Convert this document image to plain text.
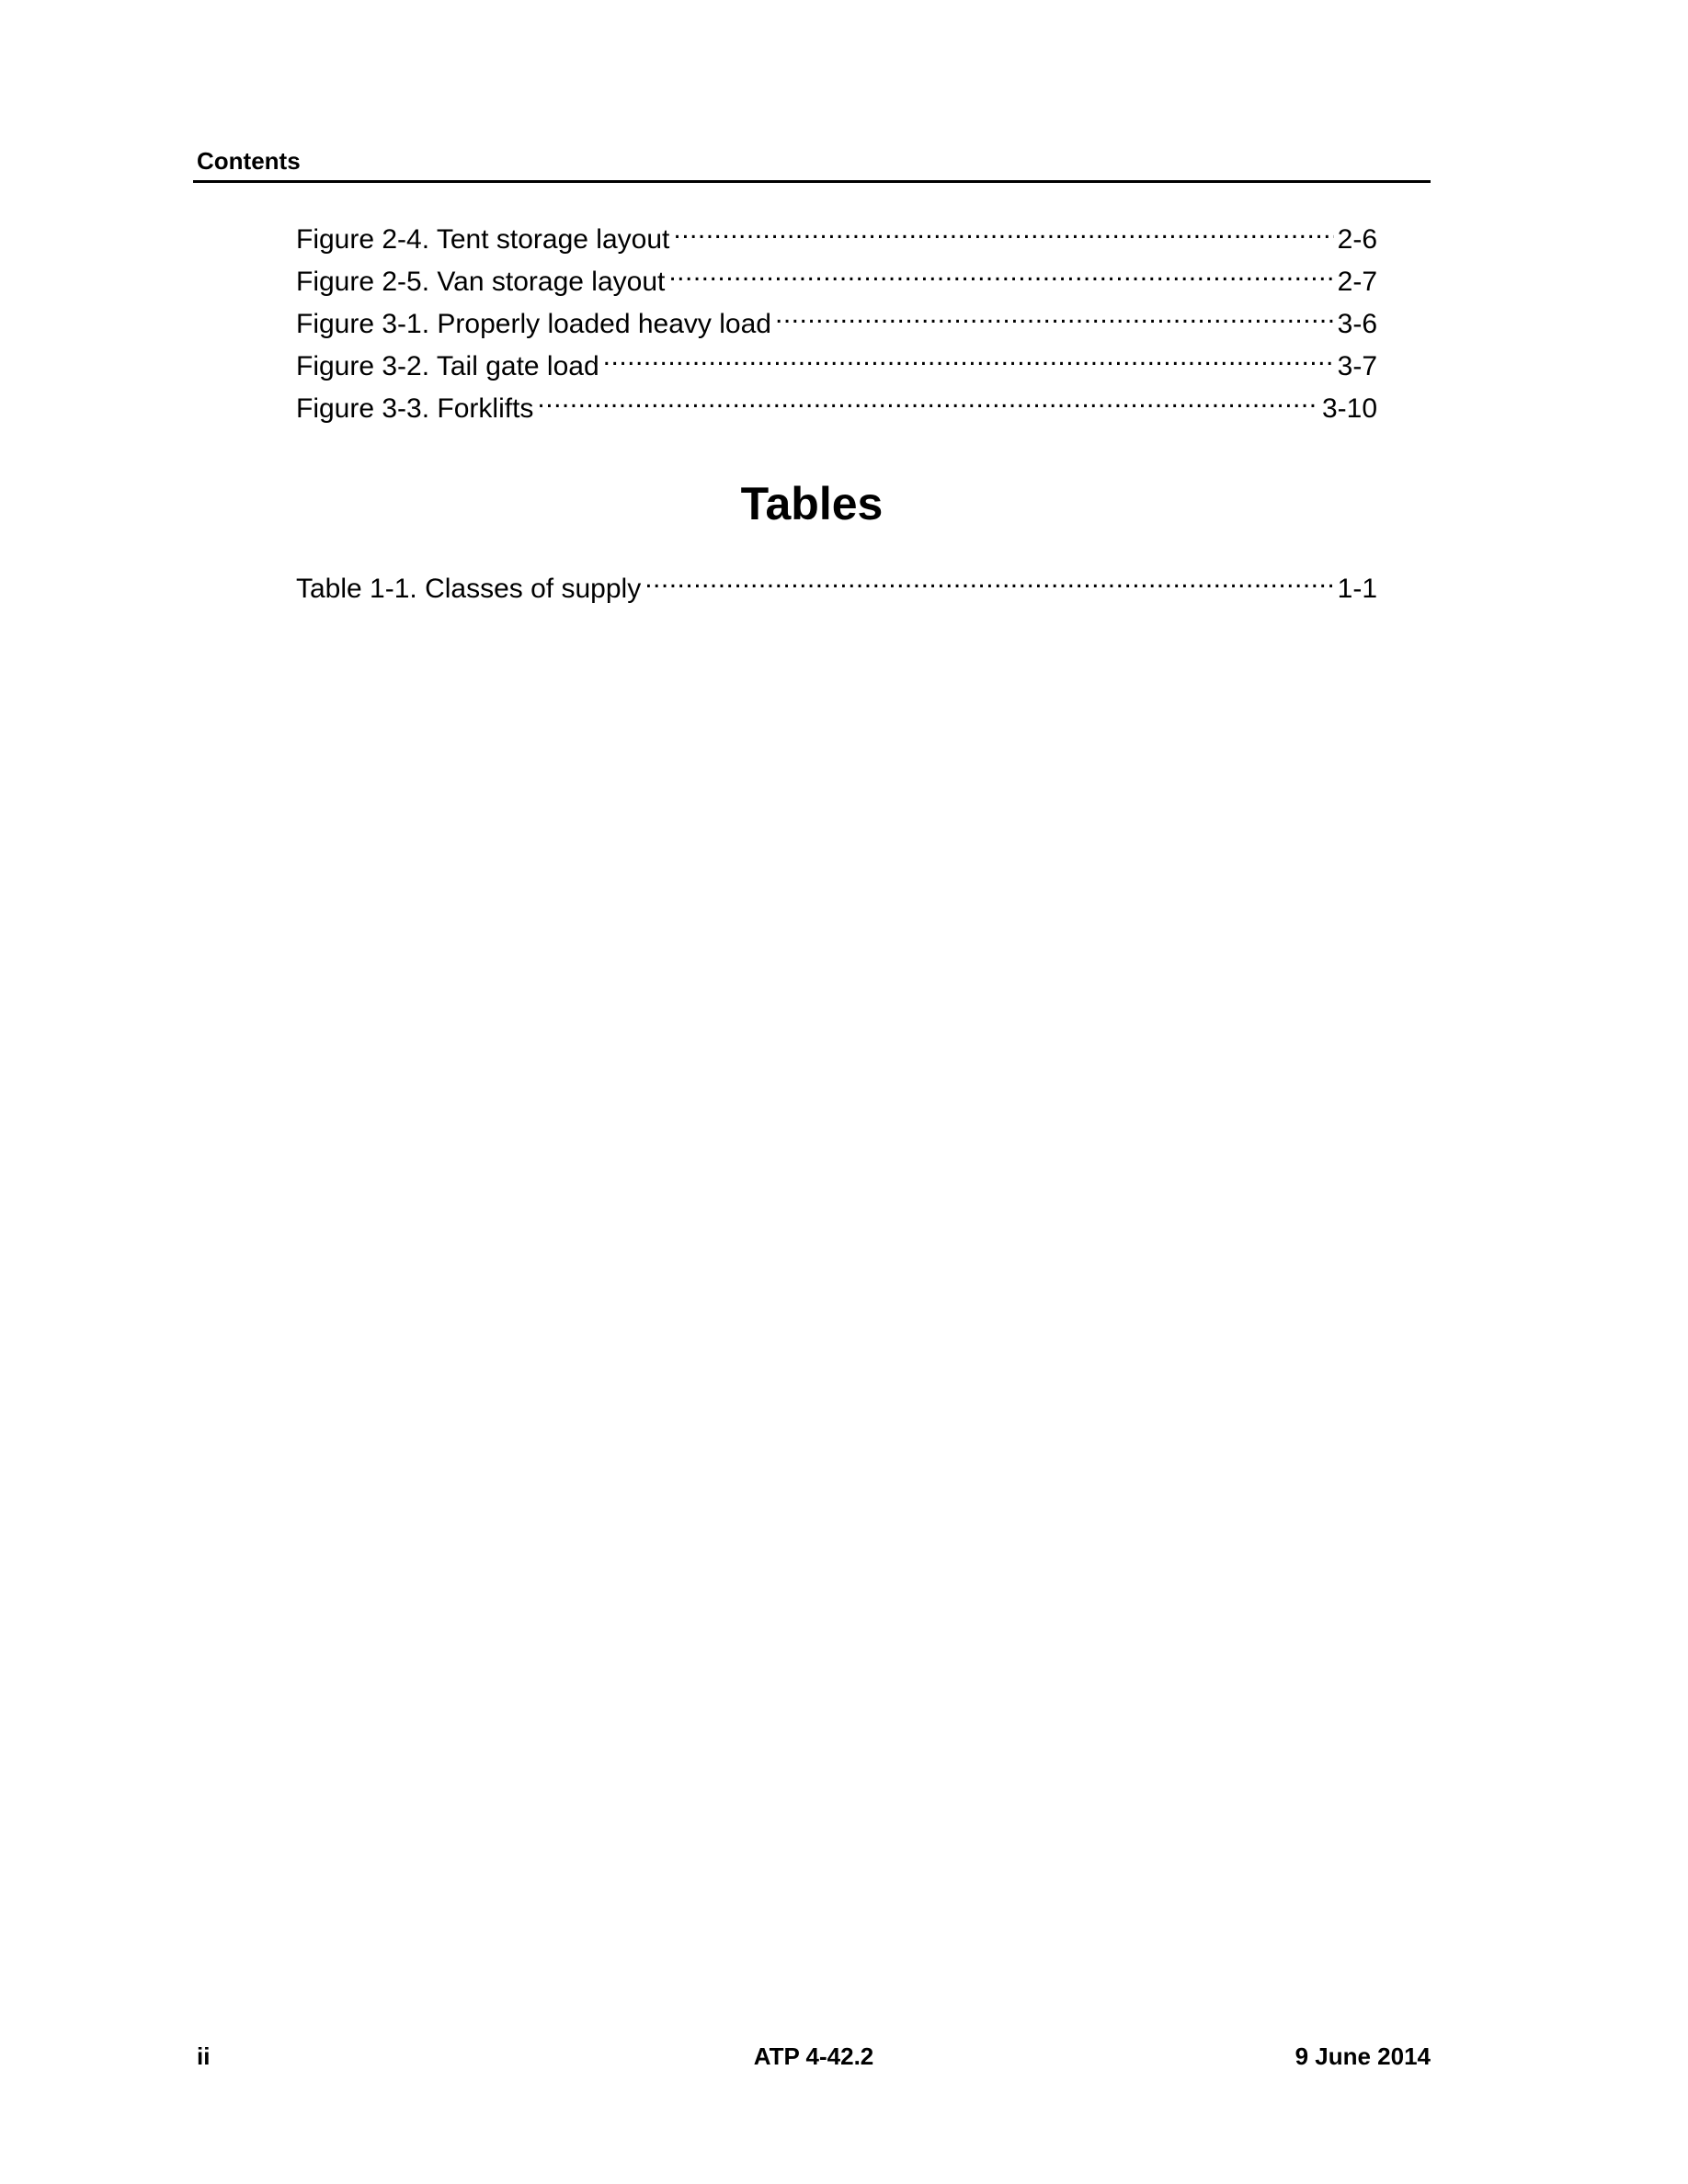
Contents
Figure 2-4. Tent storage layout .....	2-6
Figure 2-5. Van storage layout .....	2-7
Figure 3-1. Properly loaded heavy load .....	3-6
Figure 3-2. Tail gate load .....	3-7
Figure 3-3. Forklifts .....	3-10
Tables
Table 1-1. Classes of supply .....	1-1
ii	ATP 4-42.2	9 June 2014
